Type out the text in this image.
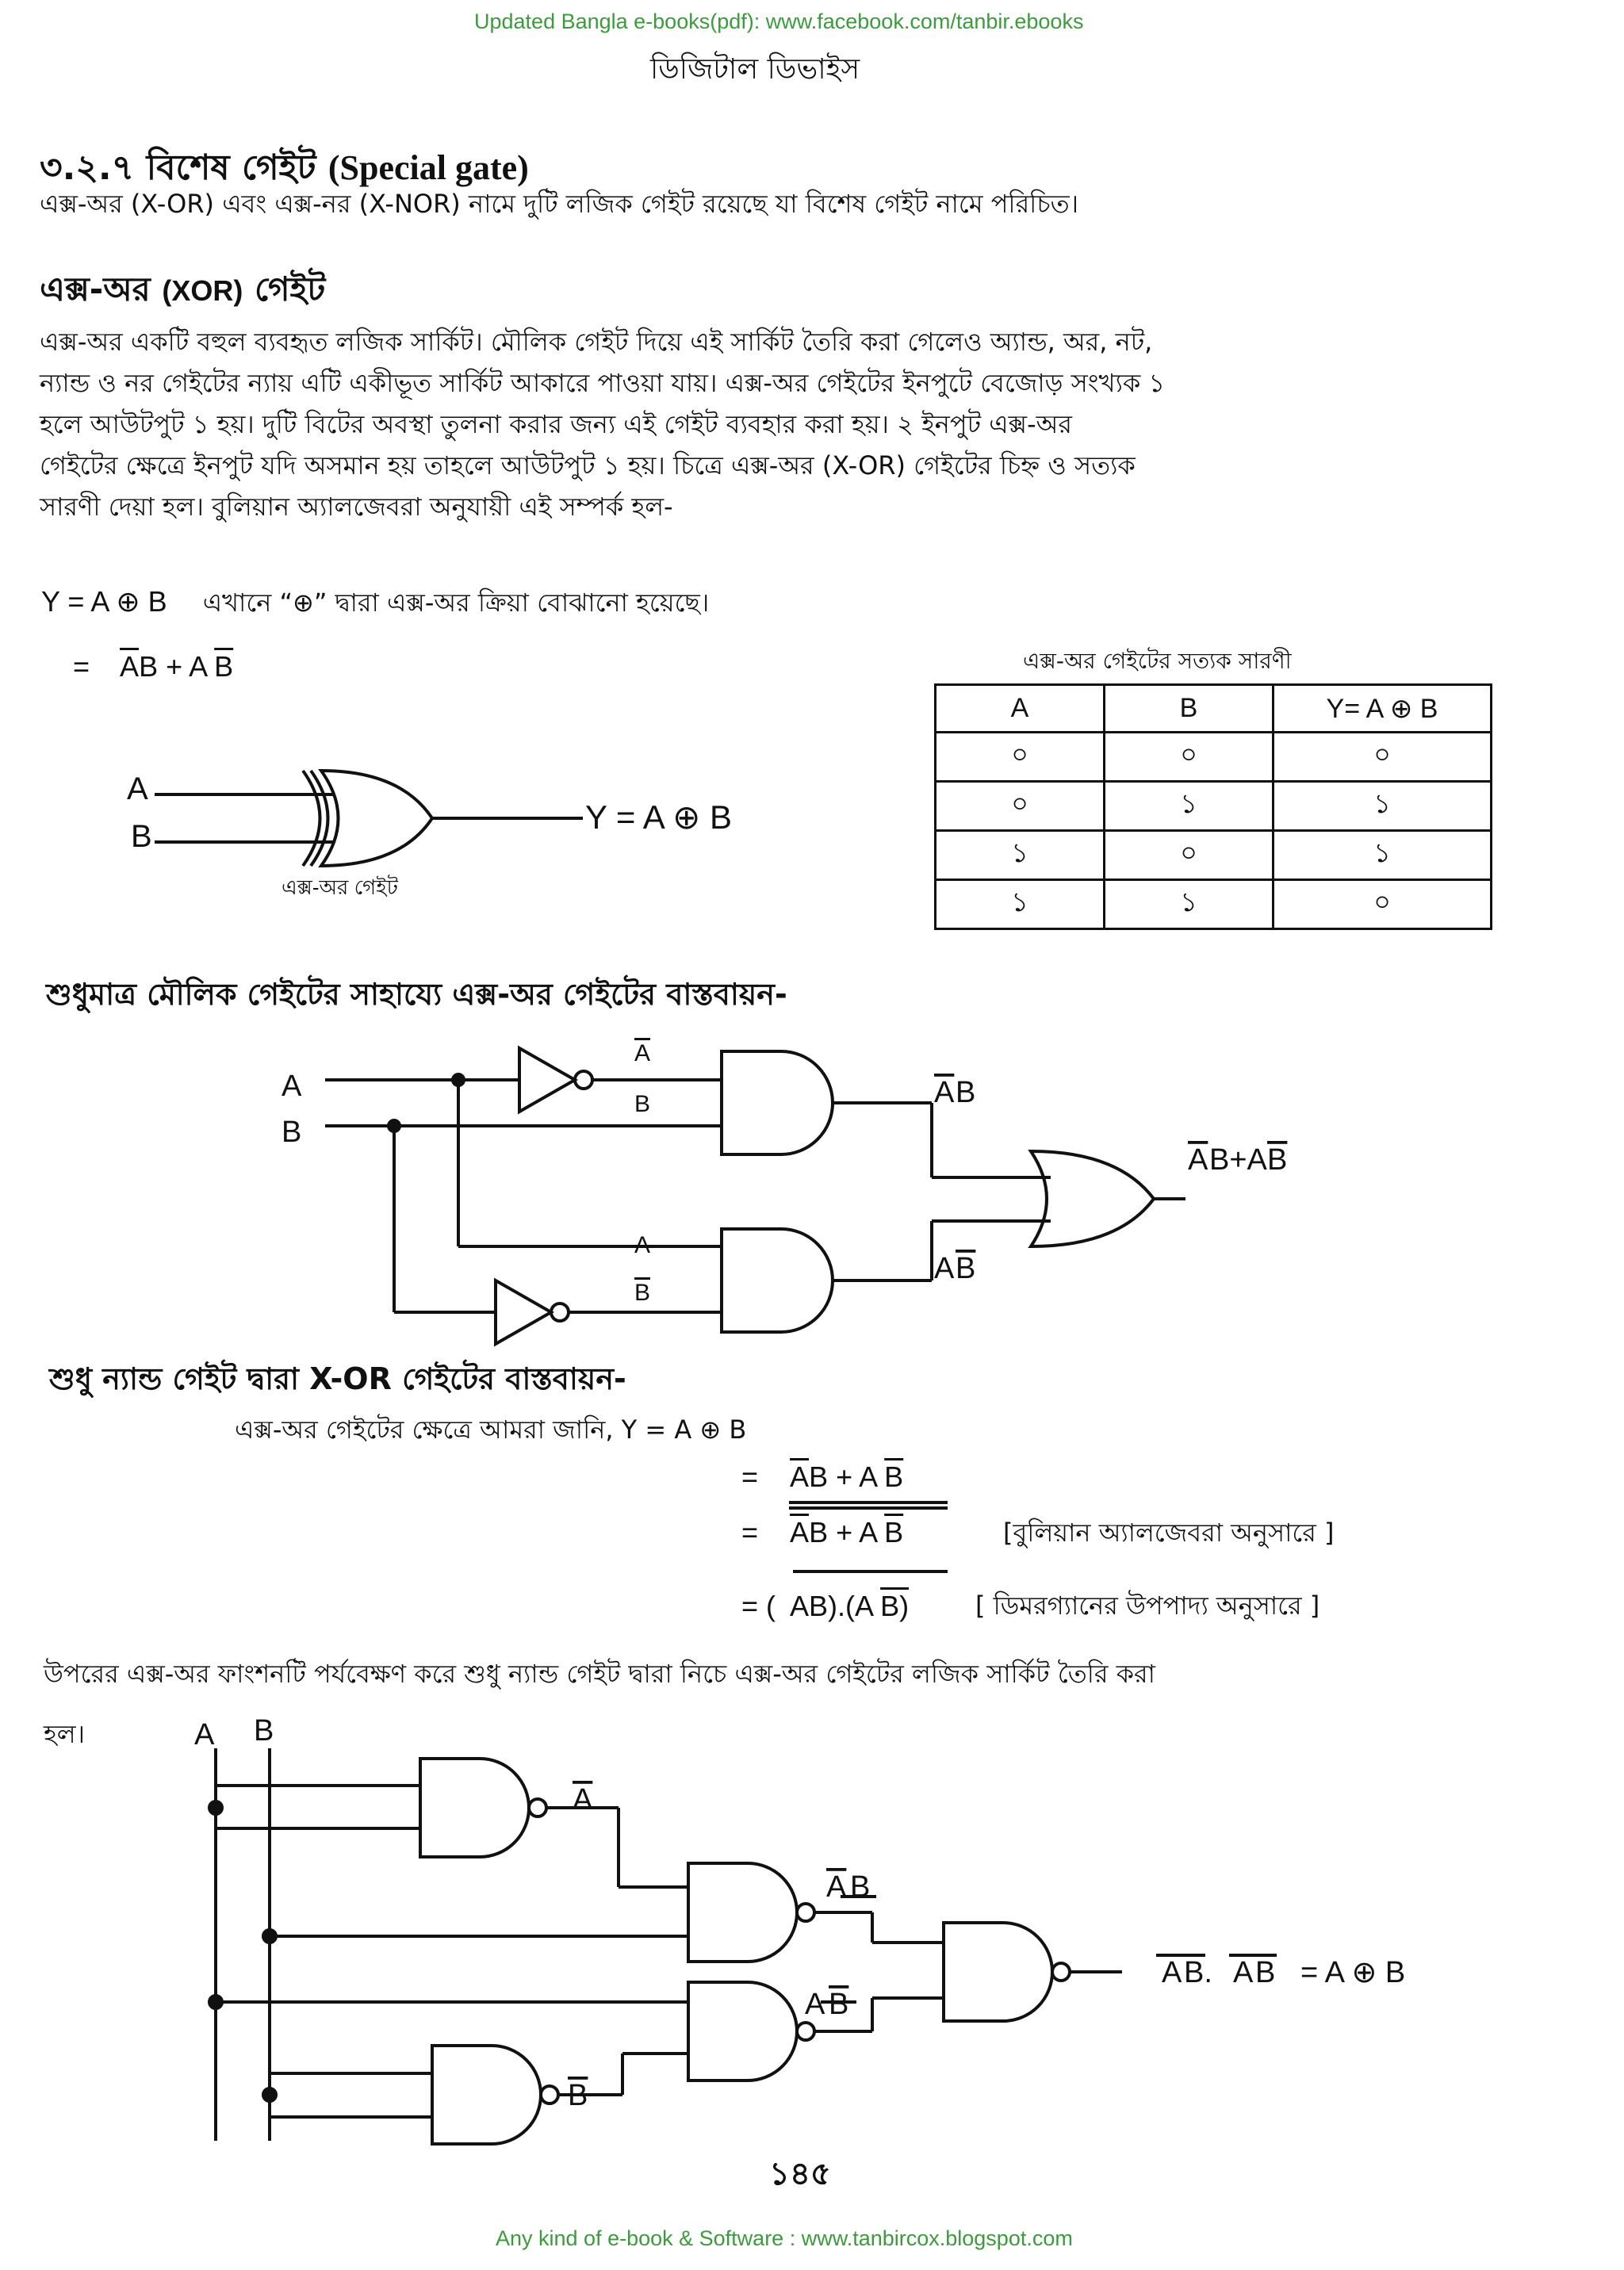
Updated Bangla e-books(pdf): www.facebook.com/tanbir.ebooks
ডিজিটাল ডিভাইস
৩.২.৭ বিশেষ গেইট (Special gate)
এক্স-অর (X-OR) এবং এক্স-নর (X-NOR) নামে দুটি লজিক গেইট রয়েছে যা বিশেষ গেইট নামে পরিচিত।
এক্স-অর (XOR) গেইট
এক্স-অর একটি বহুল ব্যবহৃত লজিক সার্কিট। মৌলিক গেইট দিয়ে এই সার্কিট তৈরি করা গেলেও অ্যান্ড, অর, নট,
ন্যান্ড ও নর গেইটের ন্যায় এটি একীভূত সার্কিট আকারে পাওয়া যায়। এক্স-অর গেইটের ইনপুটে বেজোড় সংখ্যক ১
হলে আউটপুট ১ হয়। দুটি বিটের অবস্থা তুলনা করার জন্য এই গেইট ব্যবহার করা হয়। ২ ইনপুট এক্স-অর
গেইটের ক্ষেত্রে ইনপুট যদি অসমান হয় তাহলে আউটপুট ১ হয়। চিত্রে এক্স-অর (X-OR) গেইটের চিহ্ন ও সত্যক
সারণী দেয়া হল। বুলিয়ান অ্যালজেবরা অনুযায়ী এই সম্পর্ক হল-
Y = A ⊕ B এখানে “⊕” দ্বারা এক্স-অর ক্রিয়া বোঝানো হয়েছে।
= $\overline{A}B + A$ $\overline{B}$	এক্স-অর গেইটের সত্যক সারণী
A	B	Y= A ⊕ B
০	০	০
০	১	১
১	০	১
১	১	০
শুধুমাত্র মৌলিক গেইটের সাহায্যে এক্স-অর গেইটের বাস্তবায়ন-
শুধু ন্যান্ড গেইট দ্বারা X-OR গেইটের বাস্তবায়ন-
এক্স-অর গেইটের ক্ষেত্রে আমরা জানি, Y = A ⊕ B
= $\overline{A}B + A$ $\overline{B}$
= $\overline{A}B + A$ $\overline{B}$	[বুলিয়ান অ্যালজেবরা অনুসারে ]
= ( AB).(A B)	[ ডিমরগ্যানের উপপাদ্য অনুসারে ]
উপরের এক্স-অর ফাংশনটি পর্যবেক্ষণ করে শুধু ন্যান্ড গেইট দ্বারা নিচে এক্স-অর গেইটের লজিক সার্কিট তৈরি করা
হল।
১৪৫
Any kind of e-book & Software : www.tanbircox.blogspot.com
A
B
Y = A ⊕ B
এক্স-অর গেইট
A
B
A
B
A
B
A B
A B
A B+A B
A B
A
A B
A B
B
A B. A B = A ⊕ B
